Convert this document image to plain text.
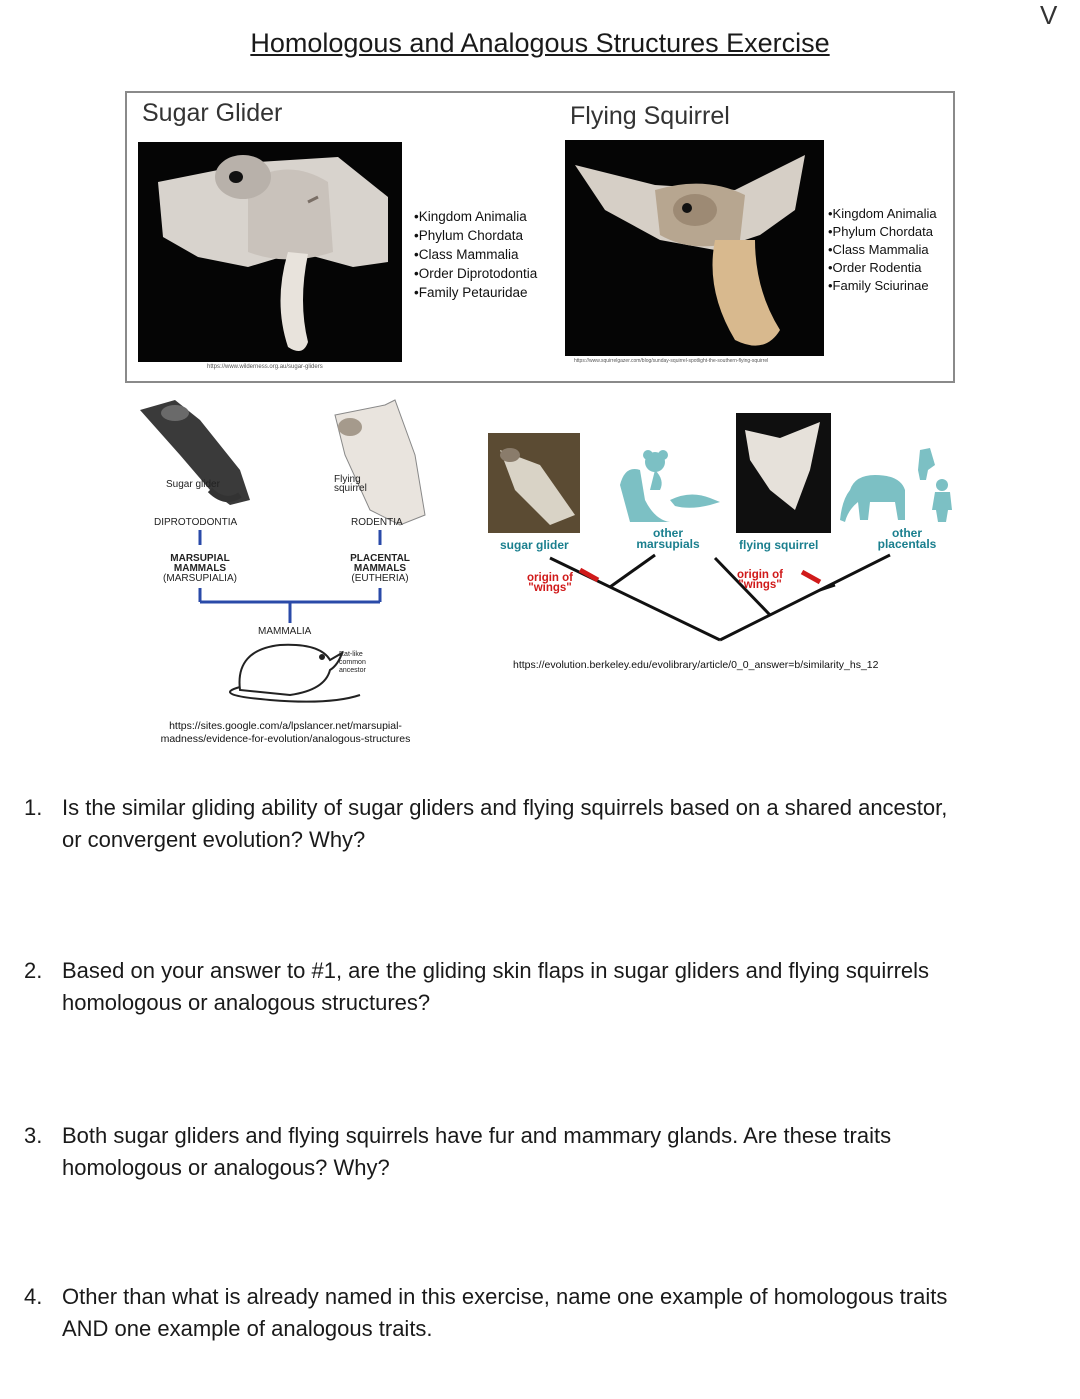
Homologous and Analogous Structures Exercise
V
Sugar Glider	Flying Squirrel
•Kingdom Animalia
•Phylum Chordata
•Class Mammalia
•Order Diprotodontia
•Family Petauridae
https://www.wilderness.org.au/sugar-gliders
•Kingdom Animalia
•Phylum Chordata
•Class Mammalia
•Order Rodentia
•Family Sciurinae
https://www.squirrelgazer.com/blog/sunday-squirrel-spotlight-the-southern-flying-squirrel
Sugar glider	Flying squirrel
DIPROTODONTIA	RODENTIA
MARSUPIAL
MAMMALS
(MARSUPIALIA)
PLACENTAL
MAMMALS
(EUTHERIA)
MAMMALIA
Rat-like
common
ancestor
https://sites.google.com/a/lpslancer.net/marsupial-
madness/evidence-for-evolution/analogous-structures
sugar glider
other
marsupials	flying squirrel
other
placentals
origin of
"wings"
origin of
"wings"
https://evolution.berkeley.edu/evolibrary/article/0_0_answer=b/similarity_hs_12
1. Is the similar gliding ability of sugar gliders and flying squirrels based on a shared ancestor,
or convergent evolution? Why?
2. Based on your answer to #1, are the gliding skin flaps in sugar gliders and flying squirrels
homologous or analogous structures?
3. Both sugar gliders and flying squirrels have fur and mammary glands. Are these traits
homologous or analogous? Why?
4. Other than what is already named in this exercise, name one example of homologous traits
AND one example of analogous traits.
